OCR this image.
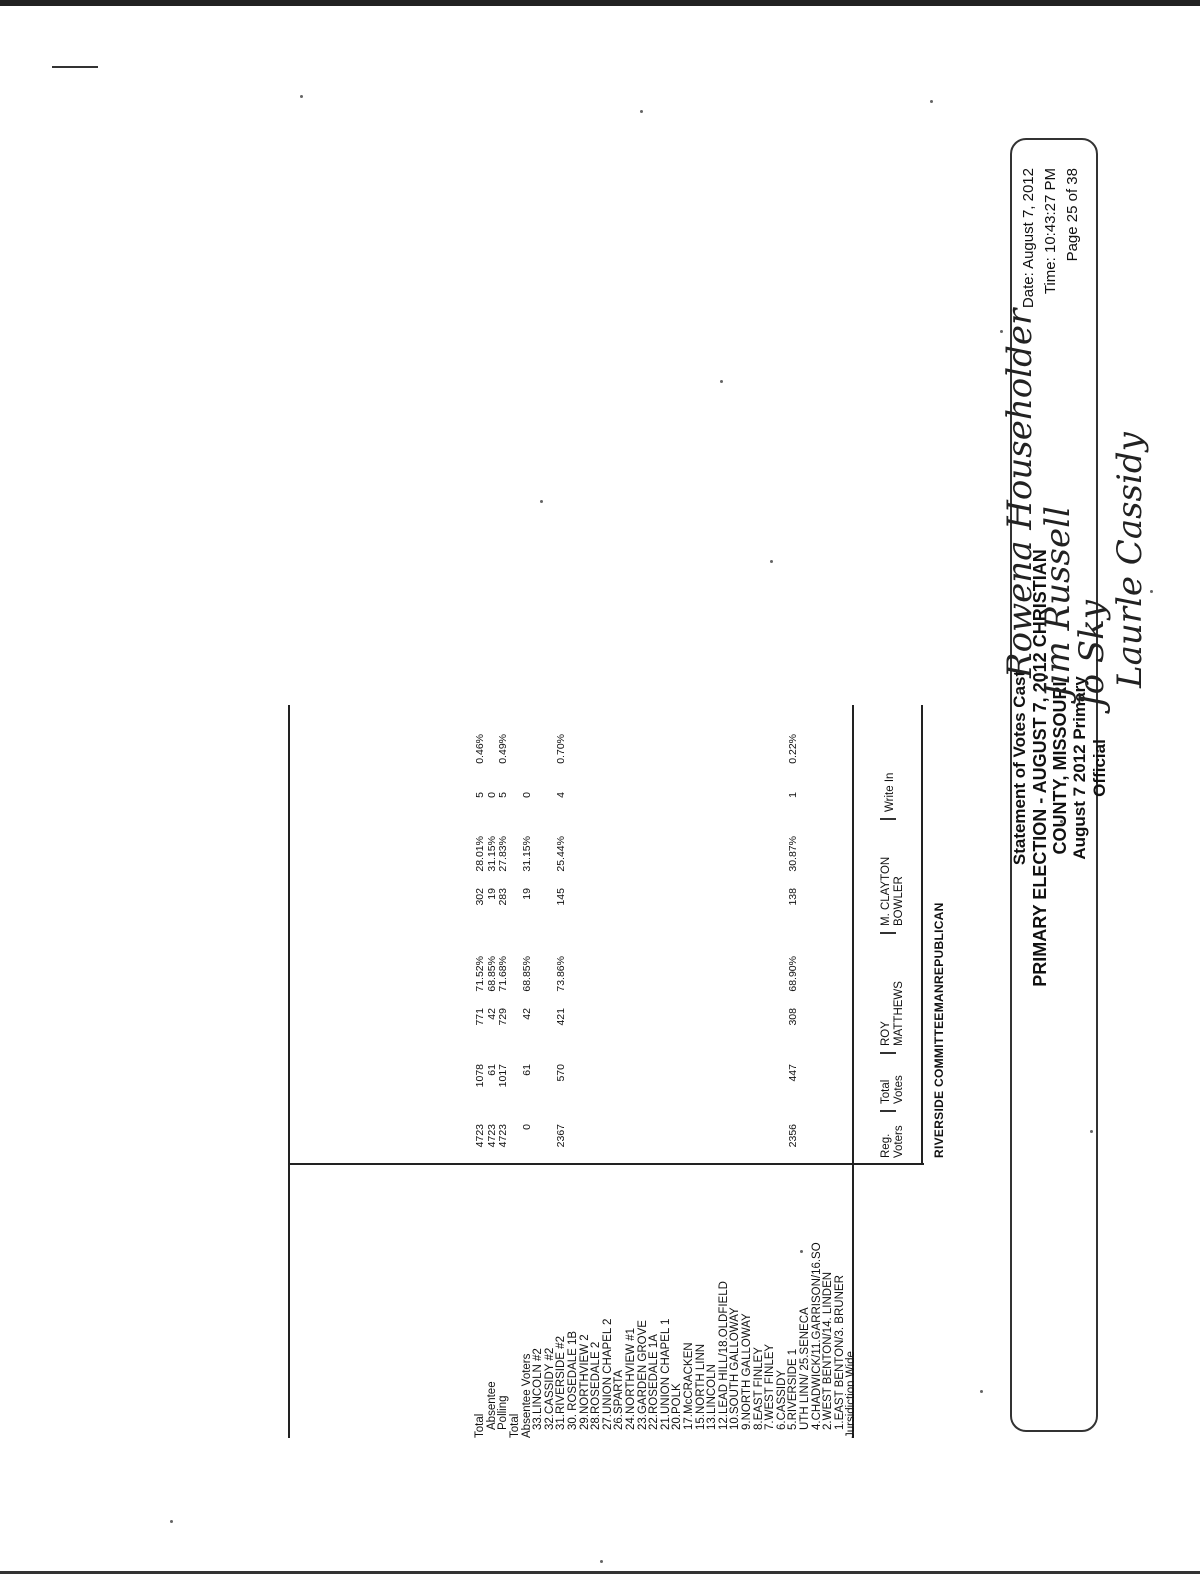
Statement of Votes Cast PRIMARY ELECTION - AUGUST 7, 2012 CHRISTIAN COUNTY, MISSOURI August 7 2012 Primary Official
Date: August 7, 2012 Time: 10:43:27 PM Page 25 of 38
RIVERSIDE COMMITTEEMANREPUBLICAN
Reg. Voters
Total Votes
ROY MATTHEWS
M. CLAYTON BOWLER
Write In
Jursidiction Wide
1.EAST BENTON/3. BRUNER
2.WEST BENTON/14. LINDEN
4.CHADWICK/11.GARRISON/16.SO
UTH LINN/ 25.SENECA
5.RIVERSIDE 1
6.CASSIDY
7.WEST FINLEY
8.EAST FINLEY
9.NORTH GALLOWAY
10.SOUTH GALLOWAY
12.LEAD HILL/18.OLDFIELD
13.LINCOLN
15.NORTH LINN
17.McCRACKEN
20.POLK
21.UNION CHAPEL 1
22.ROSEDALE 1A
23.GARDEN GROVE
24.NORTHVIEW #1
26.SPARTA
27.UNION CHAPEL 2
28.ROSEDALE 2
29.NORTHVIEW 2
30. ROSEDALE 1B
31.RIVERSIDE #2
32.CASSIDY #2
33.LINCOLN #2
Absentee Voters
Total
Polling
Absentee
Total
2356
447
308
68.90%
138
30.87%
1
0.22%
2367
570
421
73.86%
145
25.44%
4
0.70%
0
61
42
68.85%
19
31.15%
0
4723
1017
729
71.68%
283
27.83%
5
0.49%
4723
61
42
68.85%
19
31.15%
0
4723
1078
771
71.52%
302
28.01%
5
0.46%
Laurle Cassidy
Jo Sky
Jim Russell
Rowena Householder
